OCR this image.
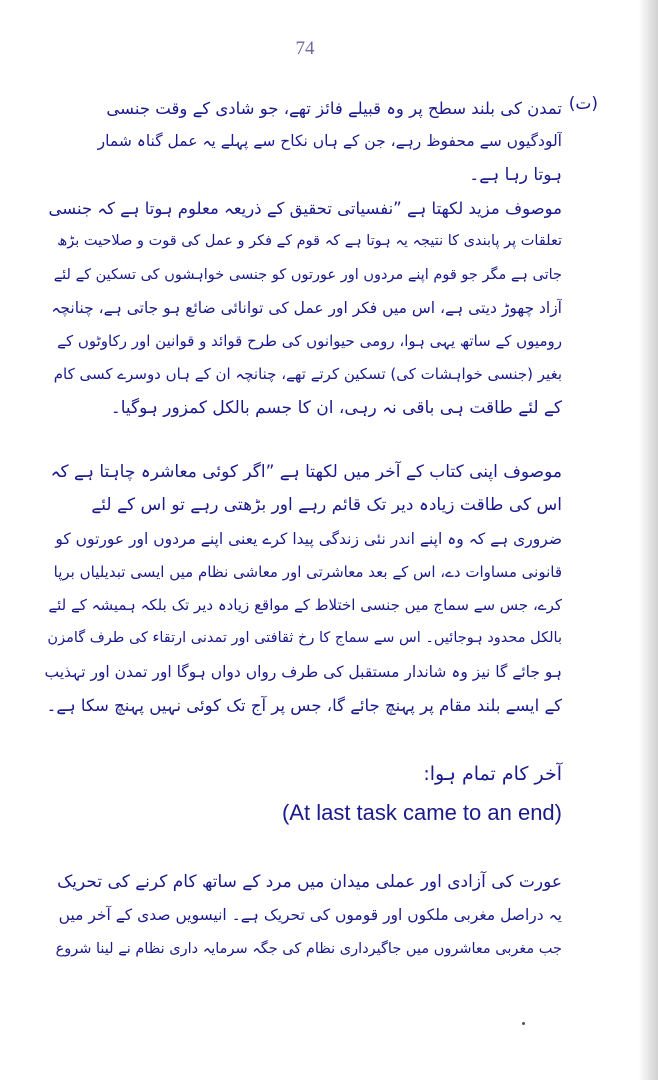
74
(ت)
تمدن کی بلند سطح پر وہ قبیلے فائز تھے، جو شادی کے وقت جنسی
آلودگیوں سے محفوظ رہے، جن کے ہاں نکاح سے پہلے یہ عمل گناہ شمار
ہوتا رہا ہے۔
موصوف مزید لکھتا ہے ”نفسیاتی تحقیق کے ذریعہ معلوم ہوتا ہے کہ جنسی
تعلقات پر پابندی کا نتیجہ یہ ہوتا ہے کہ قوم کے فکر و عمل کی قوت و صلاحیت بڑھ
جاتی ہے مگر جو قوم اپنے مردوں اور عورتوں کو جنسی خواہشوں کی تسکین کے لئے
آزاد چھوڑ دیتی ہے، اس میں فکر اور عمل کی توانائی ضائع ہو جاتی ہے، چنانچہ
رومیوں کے ساتھ یہی ہوا، رومی حیوانوں کی طرح قوائد و قوانین اور رکاوٹوں کے
بغیر (جنسی خواہشات کی) تسکین کرتے تھے، چنانچہ ان کے ہاں دوسرے کسی کام
کے لئے طاقت ہی باقی نہ رہی، ان کا جسم بالکل کمزور ہوگیا۔
موصوف اپنی کتاب کے آخر میں لکھتا ہے ”اگر کوئی معاشرہ چاہتا ہے کہ
اس کی طاقت زیادہ دیر تک قائم رہے اور بڑھتی رہے تو اس کے لئے
ضروری ہے کہ وہ اپنے اندر نئی زندگی پیدا کرے یعنی اپنے مردوں اور عورتوں کو
قانونی مساوات دے، اس کے بعد معاشرتی اور معاشی نظام میں ایسی تبدیلیاں برپا
کرے، جس سے سماج میں جنسی اختلاط کے مواقع زیادہ دیر تک بلکہ ہمیشہ کے لئے
بالکل محدود ہوجائیں۔ اس سے سماج کا رخ ثقافتی اور تمدنی ارتقاء کی طرف گامزن
ہو جائے گا نیز وہ شاندار مستقبل کی طرف رواں دواں ہوگا اور تمدن اور تہذیب
کے ایسے بلند مقام پر پہنچ جائے گا، جس پر آج تک کوئی نہیں پہنچ سکا ہے۔
آخر کام تمام ہوا:
(At last task came to an end)
عورت کی آزادی اور عملی میدان میں مرد کے ساتھ کام کرنے کی تحریک
یہ دراصل مغربی ملکوں اور قوموں کی تحریک ہے۔ انیسویں صدی کے آخر میں
جب مغربی معاشروں میں جاگیرداری نظام کی جگہ سرمایہ داری نظام نے لینا شروع
